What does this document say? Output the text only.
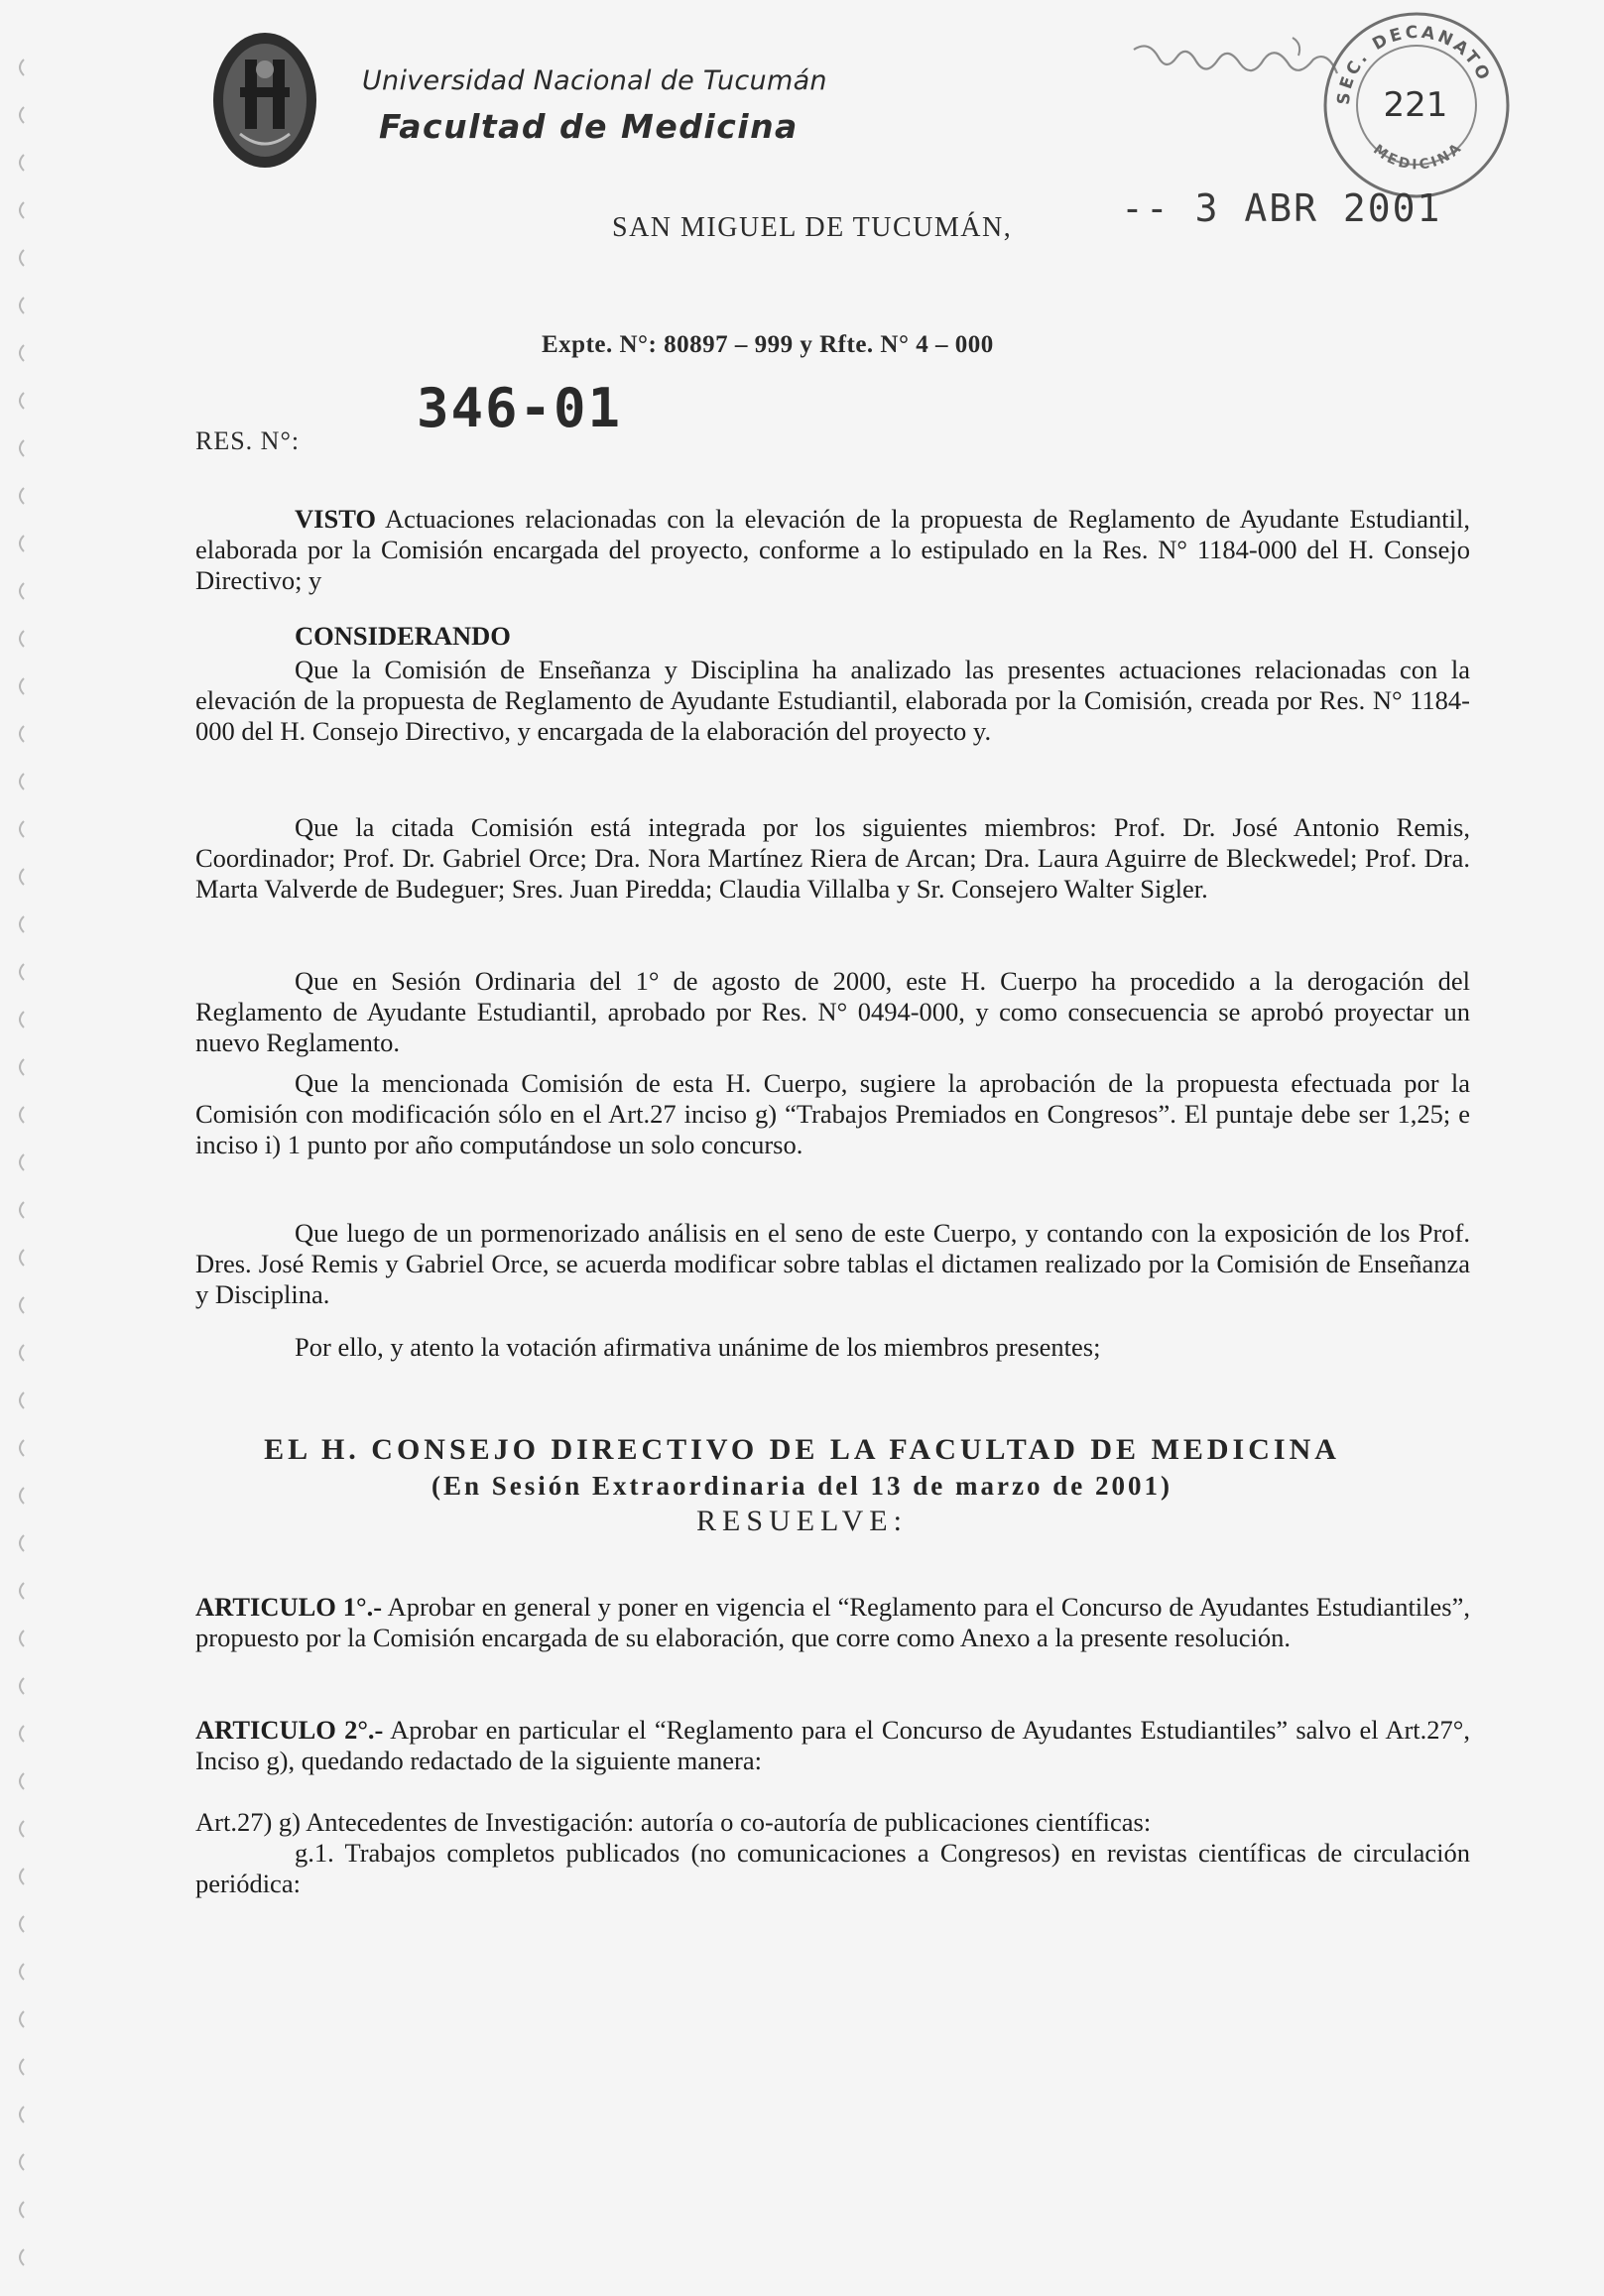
Universidad Nacional de Tucumán
Facultad de Medicina
SEC. DECANATO
MEDICINA
221
-- 3 ABR 2001
SAN MIGUEL DE TUCUMÁN,
Expte. N°: 80897 – 999 y Rfte. N° 4 – 000
346-01
RES. N°:

VISTO Actuaciones relacionadas con la elevación de la propuesta de Reglamento de Ayudante Estudiantil, elaborada por la Comisión encargada del proyecto, conforme a lo estipulado en la Res. N° 1184-000 del H. Consejo Directivo; y

CONSIDERANDO

Que la Comisión de Enseñanza y Disciplina ha analizado las presentes actuaciones relacionadas con la elevación de la propuesta de Reglamento de Ayudante Estudiantil, elaborada por la Comisión, creada por Res. N° 1184-000 del H. Consejo Directivo, y encargada de la elaboración del proyecto y.

Que la citada Comisión está integrada por los siguientes miembros: Prof. Dr. José Antonio Remis, Coordinador; Prof. Dr. Gabriel Orce; Dra. Nora Martínez Riera de Arcan; Dra. Laura Aguirre de Bleckwedel; Prof. Dra. Marta Valverde de Budeguer; Sres. Juan Piredda; Claudia Villalba y Sr. Consejero Walter Sigler.

Que en Sesión Ordinaria del 1° de agosto de 2000, este H. Cuerpo ha procedido a la derogación del Reglamento de Ayudante Estudiantil, aprobado por Res. N° 0494-000, y como consecuencia se aprobó proyectar un nuevo Reglamento.

Que la mencionada Comisión de esta H. Cuerpo, sugiere la aprobación de la propuesta efectuada por la Comisión con modificación sólo en el Art.27 inciso g) “Trabajos Premiados en Congresos”. El puntaje debe ser 1,25; e inciso i) 1 punto por año computándose un solo concurso.

Que luego de un pormenorizado análisis en el seno de este Cuerpo, y contando con la exposición de los Prof. Dres. José Remis y Gabriel Orce, se acuerda modificar sobre tablas el dictamen realizado por la Comisión de Enseñanza y Disciplina.

Por ello, y atento la votación afirmativa unánime de los miembros presentes;

EL H. CONSEJO DIRECTIVO DE LA FACULTAD DE MEDICINA
(En Sesión Extraordinaria del 13 de marzo de 2001)
RESUELVE:

ARTICULO 1°.- Aprobar en general y poner en vigencia el “Reglamento para el Concurso de Ayudantes Estudiantiles”, propuesto por la Comisión encargada de su elaboración, que corre como Anexo a la presente resolución.

ARTICULO 2°.- Aprobar en particular el “Reglamento para el Concurso de Ayudantes Estudiantiles” salvo el Art.27°, Inciso g), quedando redactado de la siguiente manera:

Art.27) g) Antecedentes de Investigación: autoría o co-autoría de publicaciones científicas:

g.1. Trabajos completos publicados (no comunicaciones a Congresos) en revistas científicas de circulación periódica:
